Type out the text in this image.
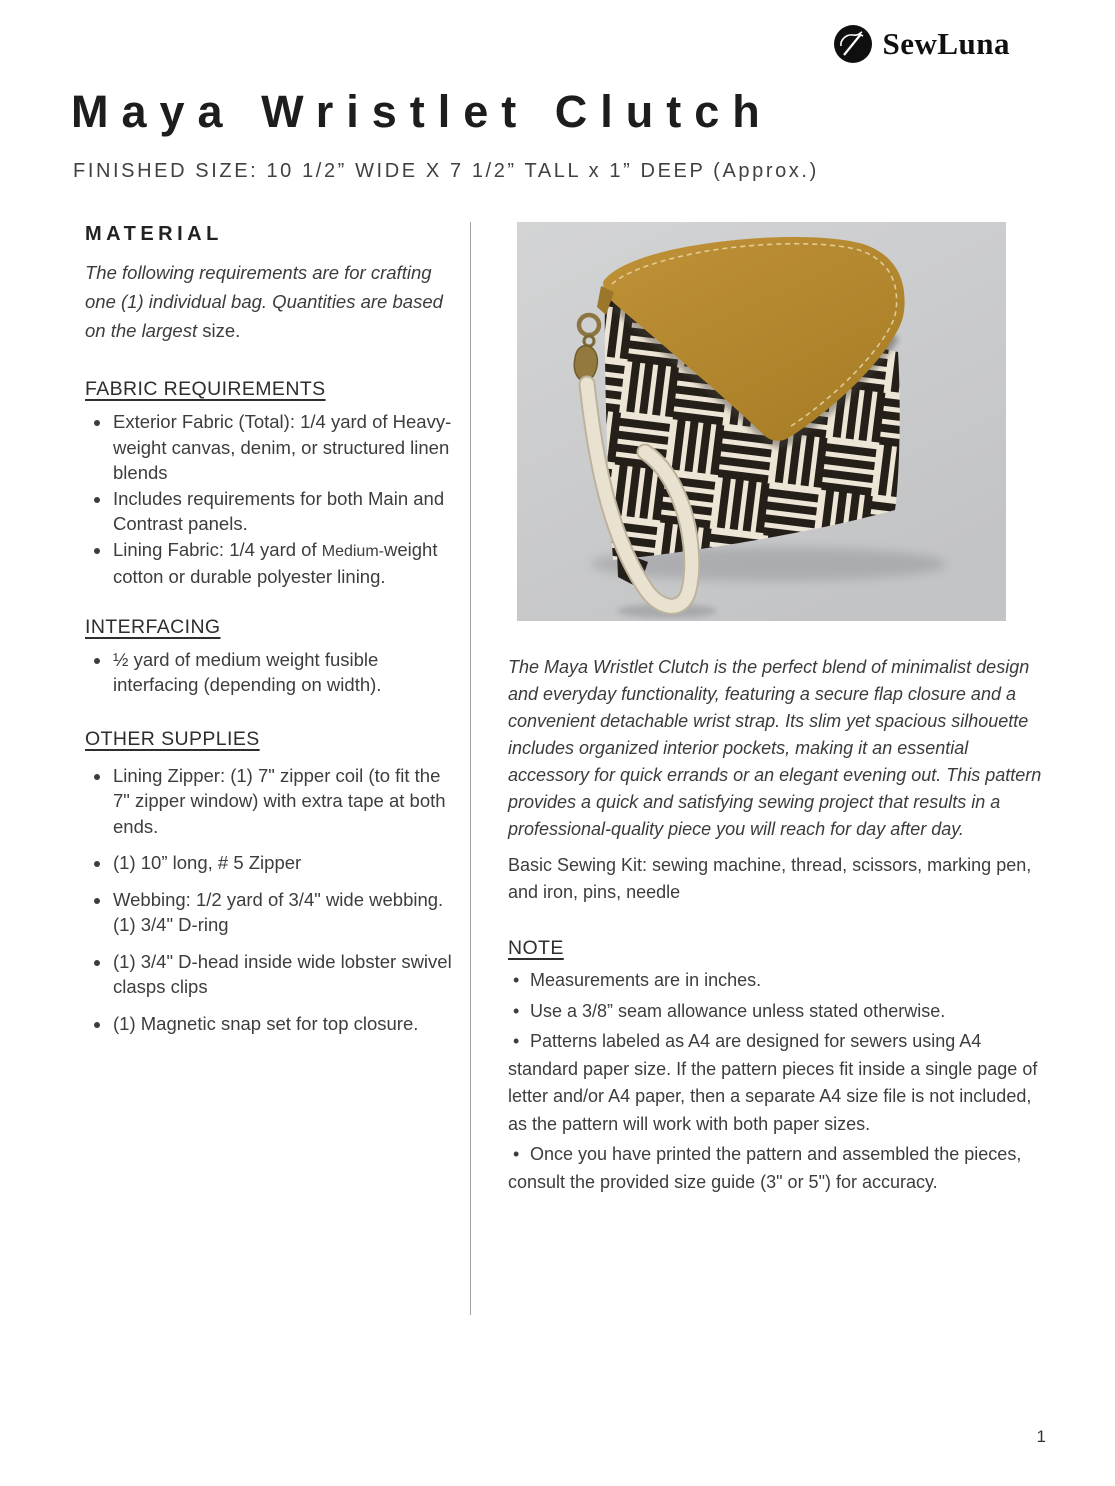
SewLuna
Maya Wristlet Clutch
FINISHED SIZE: 10 1/2” WIDE X 7 1/2” TALL x 1” DEEP (Approx.)
MATERIAL

The following requirements are for crafting one (1) individual bag. Quantities are based on the largest size.

FABRIC REQUIREMENTS
• Exterior Fabric (Total): 1/4 yard of Heavy-weight canvas, denim, or structured linen blends
• Includes requirements for both Main and Contrast panels.
• Lining Fabric: 1/4 yard of Medium-weight cotton or durable polyester lining.
INTERFACING
• ½ yard of medium weight fusible interfacing (depending on width).
OTHER SUPPLIES
• Lining Zipper: (1) 7" zipper coil (to fit the 7" zipper window) with extra tape at both ends.
• (1) 10” long, # 5 Zipper
• Webbing: 1/2 yard of 3/4" wide webbing. (1) 3/4" D-ring
• (1) 3/4" D-head inside wide lobster swivel clasps clips
• (1) Magnetic snap set for top closure.

The Maya Wristlet Clutch is the perfect blend of minimalist design and everyday functionality, featuring a secure flap closure and a convenient detachable wrist strap. Its slim yet spacious silhouette includes organized interior pockets, making it an essential accessory for quick errands or an elegant evening out. This pattern provides a quick and satisfying sewing project that results in a professional-quality piece you will reach for day after day.

Basic Sewing Kit: sewing machine, thread, scissors, marking pen, and iron, pins, needle

NOTE
• Measurements are in inches.
• Use a 3/8” seam allowance unless stated otherwise.
• Patterns labeled as A4 are designed for sewers using A4 standard paper size. If the pattern pieces fit inside a single page of letter and/or A4 paper, then a separate A4 size file is not included, as the pattern will work with both paper sizes.
• Once you have printed the pattern and assembled the pieces, consult the provided size guide (3" or 5") for accuracy.
1
